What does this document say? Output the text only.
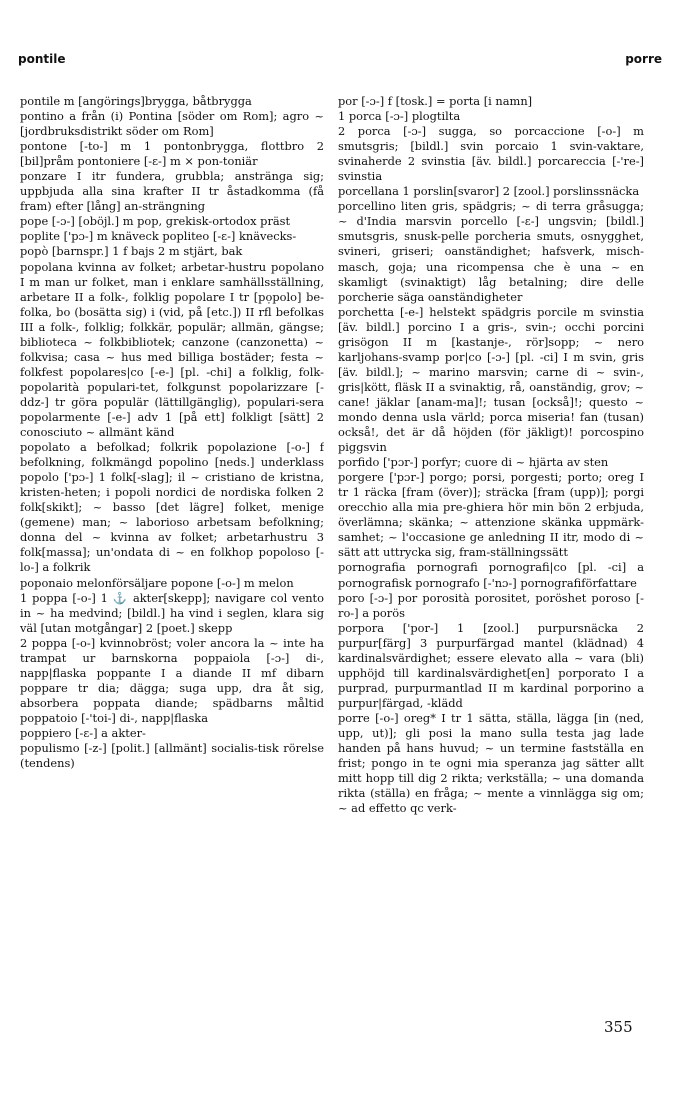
pontile	porre

pontile m [angörings]brygga, båtbrygga

pontino a från (i) Pontina [söder om Rom]; agro ~ [jordbruksdistrikt söder om Rom]

pontone [-to-] m 1 pontonbrygga, flottbro 2 [bil]pråm pontoniere [-ɛ-] m ⨯ pon-toniär

ponzare I itr fundera, grubbla; anstränga sig; uppbjuda alla sina krafter II tr åstadkomma (få fram) efter [lång] an-strängning

pope [-ɔ-] [oböjl.] m pop, grekisk-ortodox präst

poplite ['pɔ-] m knäveck popliteo [-ɛ-] knävecks-

popò [barnspr.] 1 f bajs 2 m stjärt, bak

popolana kvinna av folket; arbetar-hustru popolano I m man ur folket, man i enklare samhällsställning, arbetare II a folk-, folklig popolare I tr [pọpolo] be-folka, bo (bosätta sig) i (vid, på [etc.]) II rfl befolkas III a folk-, folklig; folkkär, populär; allmän, gängse; biblioteca ~ folkbibliotek; canzone (canzonetta) ~ folkvisa; casa ~ hus med billiga bostäder; festa ~ folkfest popolares|co [-e-] [pl. -chi] a folklig, folk- popolarità populari-tet, folkgunst popolarizzare [-ddz-] tr göra populär (lättillgänglig), populari-sera popolarmente [-e-] adv 1 [på ett] folkligt [sätt] 2 conosciuto ~ allmänt känd

popolato a befolkad; folkrik popolazione [-o-] f befolkning, folkmängd popolino [neds.] underklass popolo ['pɔ-] 1 folk[-slag]; il ~ cristiano de kristna, kristen-heten; i popoli nordici de nordiska folken 2 folk[skikt]; ~ basso [det lägre] folket, menige (gemene) man; ~ laborioso arbetsam befolkning; donna del ~ kvinna av folket; arbetarhustru 3 folk[massa]; un'ondata di ~ en folkhop popoloso [-lo-] a folkrik

poponaio melonförsäljare popone [-o-] m melon

1 poppa [-o-] 1 ⚓ akter[skepp]; navigare col vento in ~ ha medvind; [bildl.] ha vind i seglen, klara sig väl [utan motgångar] 2 [poet.] skepp

2 poppa [-o-] kvinnobröst; voler ancora la ~ inte ha trampat ur barnskorna poppaiola [-ɔ-] di-, napp|flaska poppante I a diande II mf dibarn poppare tr dia; dägga; suga upp, dra åt sig, absorbera poppata diande; spädbarns måltid poppatoio [-'toi-] di-, napp|flaska

poppiero [-ɛ-] a akter-

populismo [-z-] [polit.] [allmänt] socialis-tisk rörelse (tendens)

por [-ɔ-] f [tosk.] = porta [i namn]

1 porca [-ɔ-] plogtilta

2 porca [-ɔ-] sugga, so porcaccione [-o-] m smutsgris; [bildl.] svin porcaio 1 svin-vaktare, svinaherde 2 svinstia [äv. bildl.] porcareccia [-'re-] svinstia

porcellana 1 porslin[svaror] 2 [zool.] porslinssnäcka

porcellino liten gris, spädgris; ~ di terra gråsugga; ~ d'India marsvin porcello [-ɛ-] ungsvin; [bildl.] smutsgris, snusk-pelle porcheria smuts, osnygghet, svineri, griseri; oanständighet; hafsverk, misch-masch, goja; una ricompensa che è una ~ en skamligt (svinaktigt) låg betalning; dire delle porcherie säga oanständigheter

porchetta [-e-] helstekt spädgris porcile m svinstia [äv. bildl.] porcino I a gris-, svin-; occhi porcini grisögon II m [kastanje-, rör]sopp; ~ nero karljohans-svamp por|co [-ɔ-] [pl. -ci] I m svin, gris [äv. bildl.]; ~ marino marsvin; carne di ~ svin-, gris|kött, fläsk II a svinaktig, rå, oanständig, grov; ~ cane! jäklar [anam-ma]!; tusan [också]!; questo ~ mondo denna usla värld; porca miseria! fan (tusan) också!, det är då höjden (för jäkligt)! porcospino piggsvin

porfido ['pɔr-] porfyr; cuore di ~ hjärta av sten

porgere ['pɔr-] porgo; porsi, porgesti; porto; oreg I tr 1 räcka [fram (över)]; sträcka [fram (upp)]; porgi orecchio alla mia pre-ghiera hör min bön 2 erbjuda, överlämna; skänka; ~ attenzione skänka uppmärk-samhet; ~ l'occasione ge anledning II itr, modo di ~ sätt att uttrycka sig, fram-ställningssätt

pornografia pornografi pornografi|co [pl. -ci] a pornografisk pornografo [-'nɔ-] pornografiförfattare

poro [-ɔ-] por porosità porositet, poröshet poroso [-ro-] a porös

porpora ['por-] 1 [zool.] purpursnäcka 2 purpur[färg] 3 purpurfärgad mantel (klädnad) 4 kardinalsvärdighet; essere elevato alla ~ vara (bli) upphöjd till kardinalsvärdighet[en] porporato I a purprad, purpurmantlad II m kardinal porporino a purpur|färgad, -klädd

porre [-o-] oreg* I tr 1 sätta, ställa, lägga [in (ned, upp, ut)]; gli posi la mano sulla testa jag lade handen på hans huvud; ~ un termine fastställa en frist; pongo in te ogni mia speranza jag sätter allt mitt hopp till dig 2 rikta; verkställa; ~ una domanda rikta (ställa) en fråga; ~ mente a vinnlägga sig om; ~ ad effetto qc verk-

355
